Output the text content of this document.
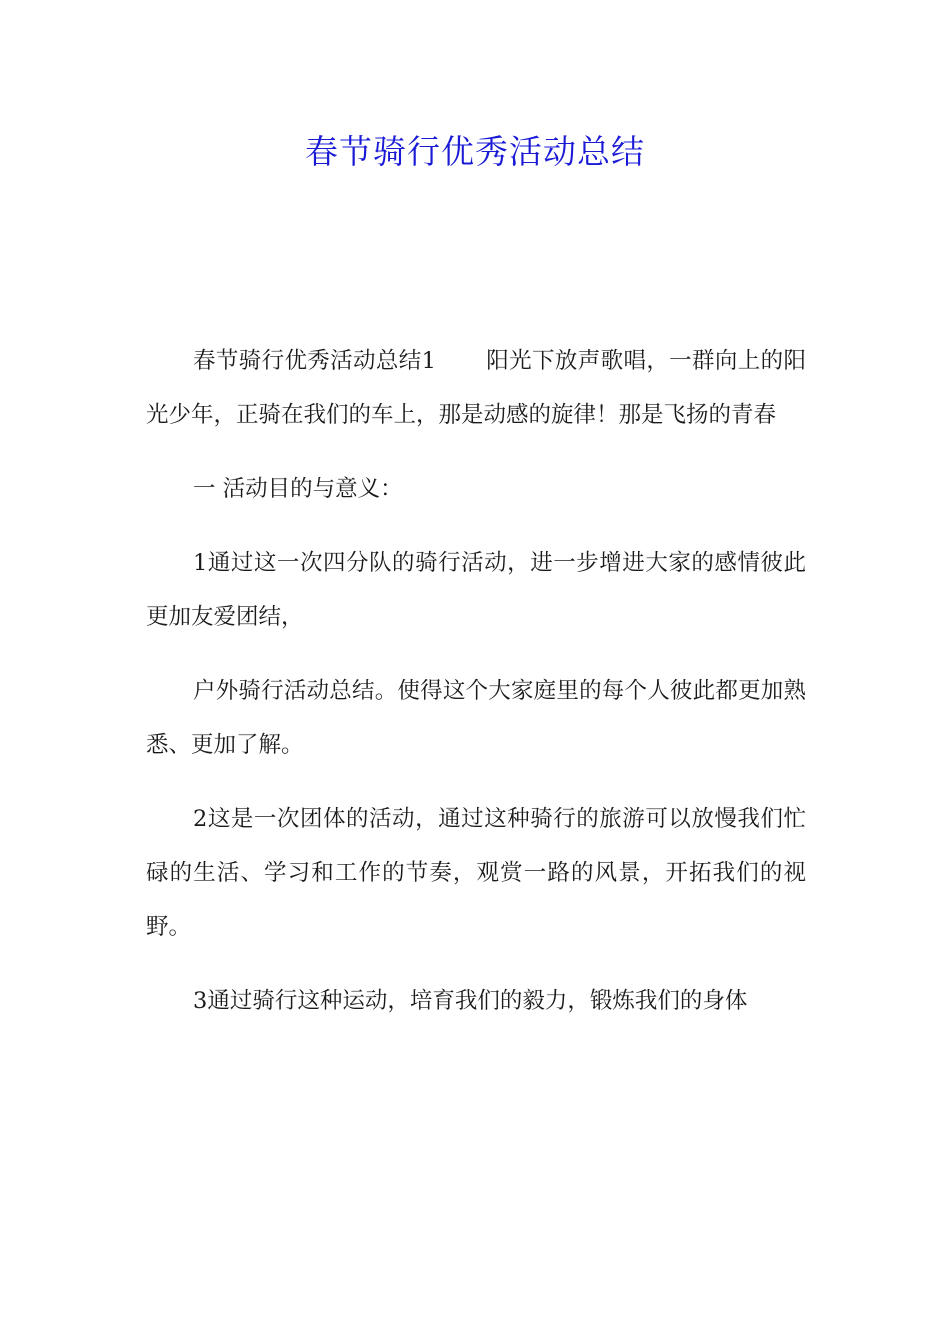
春节骑行优秀活动总结

春节骑行优秀活动总结1 阳光下放声歌唱，一群向上的阳光少年，正骑在我们的车上，那是动感的旋律！那是飞扬的青春

一 活动目的与意义：

1通过这一次四分队的骑行活动，进一步增进大家的感情彼此更加友爱团结，

户外骑行活动总结。使得这个大家庭里的每个人彼此都更加熟悉、更加了解。

2这是一次团体的活动，通过这种骑行的旅游可以放慢我们忙碌的生活、学习和工作的节奏，观赏一路的风景，开拓我们的视野。

3通过骑行这种运动，培育我们的毅力，锻炼我们的身体
